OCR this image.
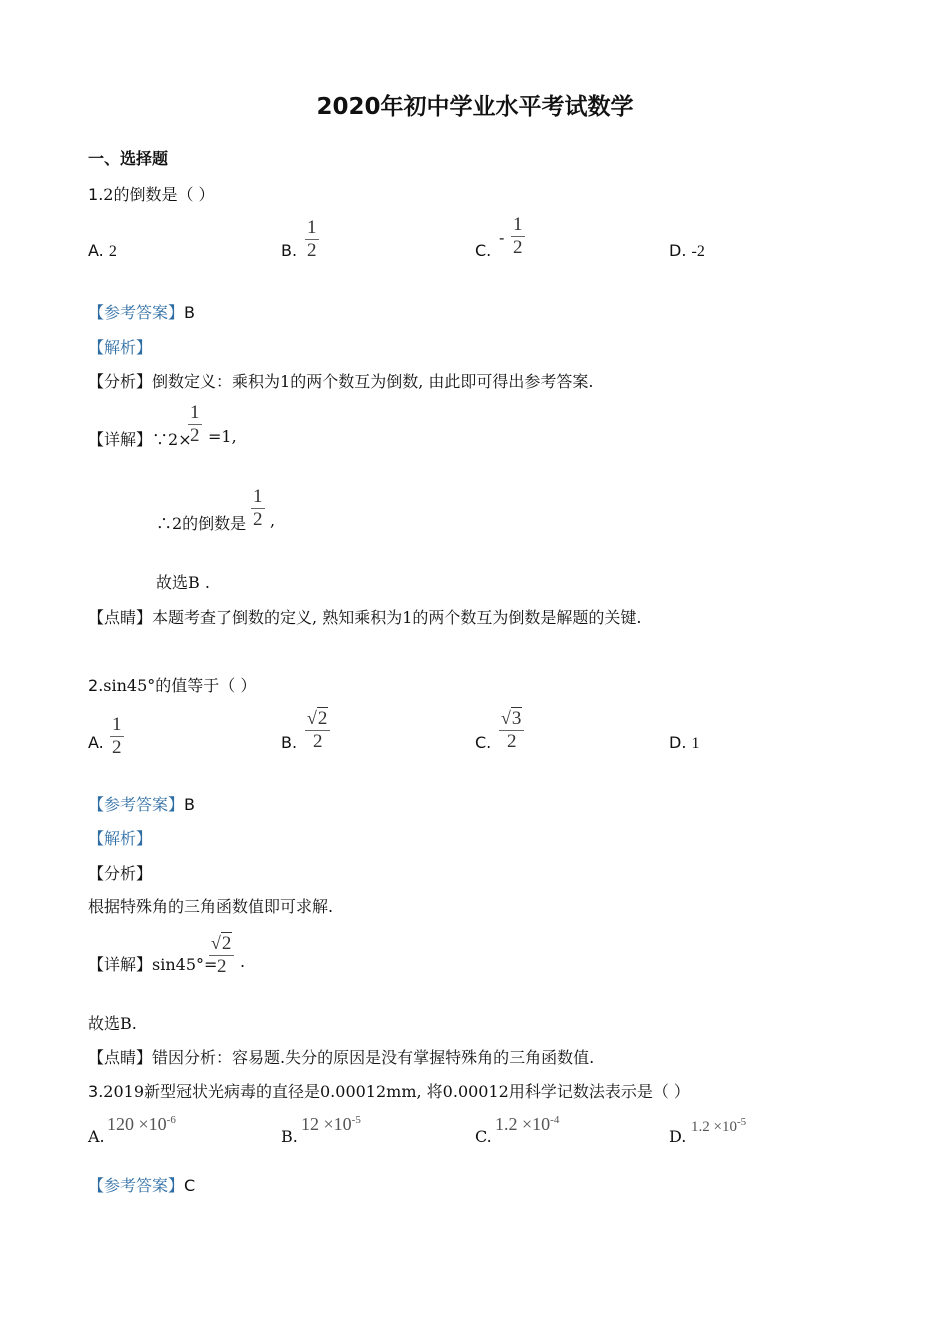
2020年初中学业水平考试数学
一、选择题
1.2的倒数是（ ）
A. 2	B.
1
2	C.
-
1
2	D. -2
【参考答案】B
【解析】
【分析】倒数定义：乘积为1的两个数互为倒数, 由此即可得出参考答案.
【详解】∵2×
1
2 =1,
∴2的倒数是
1
2 ,
故选B .
【点睛】本题考查了倒数的定义, 熟知乘积为1的两个数互为倒数是解题的关键.
2.sin45°的值等于（ ）
A.
1
2	B.
√2
2	C.
√3
2	D. 1
【参考答案】B
【解析】
【分析】
根据特殊角的三角函数值即可求解.
【详解】sin45°=
√2
2 .
故选B.
【点睛】错因分析：容易题.失分的原因是没有掌握特殊角的三角函数值.
3.2019新型冠状光病毒的直径是0.00012mm, 将0.00012用科学记数法表示是（ ）
A.
$120 \times 10^{-6}$
B.
$12 \times 10^{-5}$
C.
$1.2 \times 10^{-4}$
D. $1.2 \times 10^{-5}$
【参考答案】C
